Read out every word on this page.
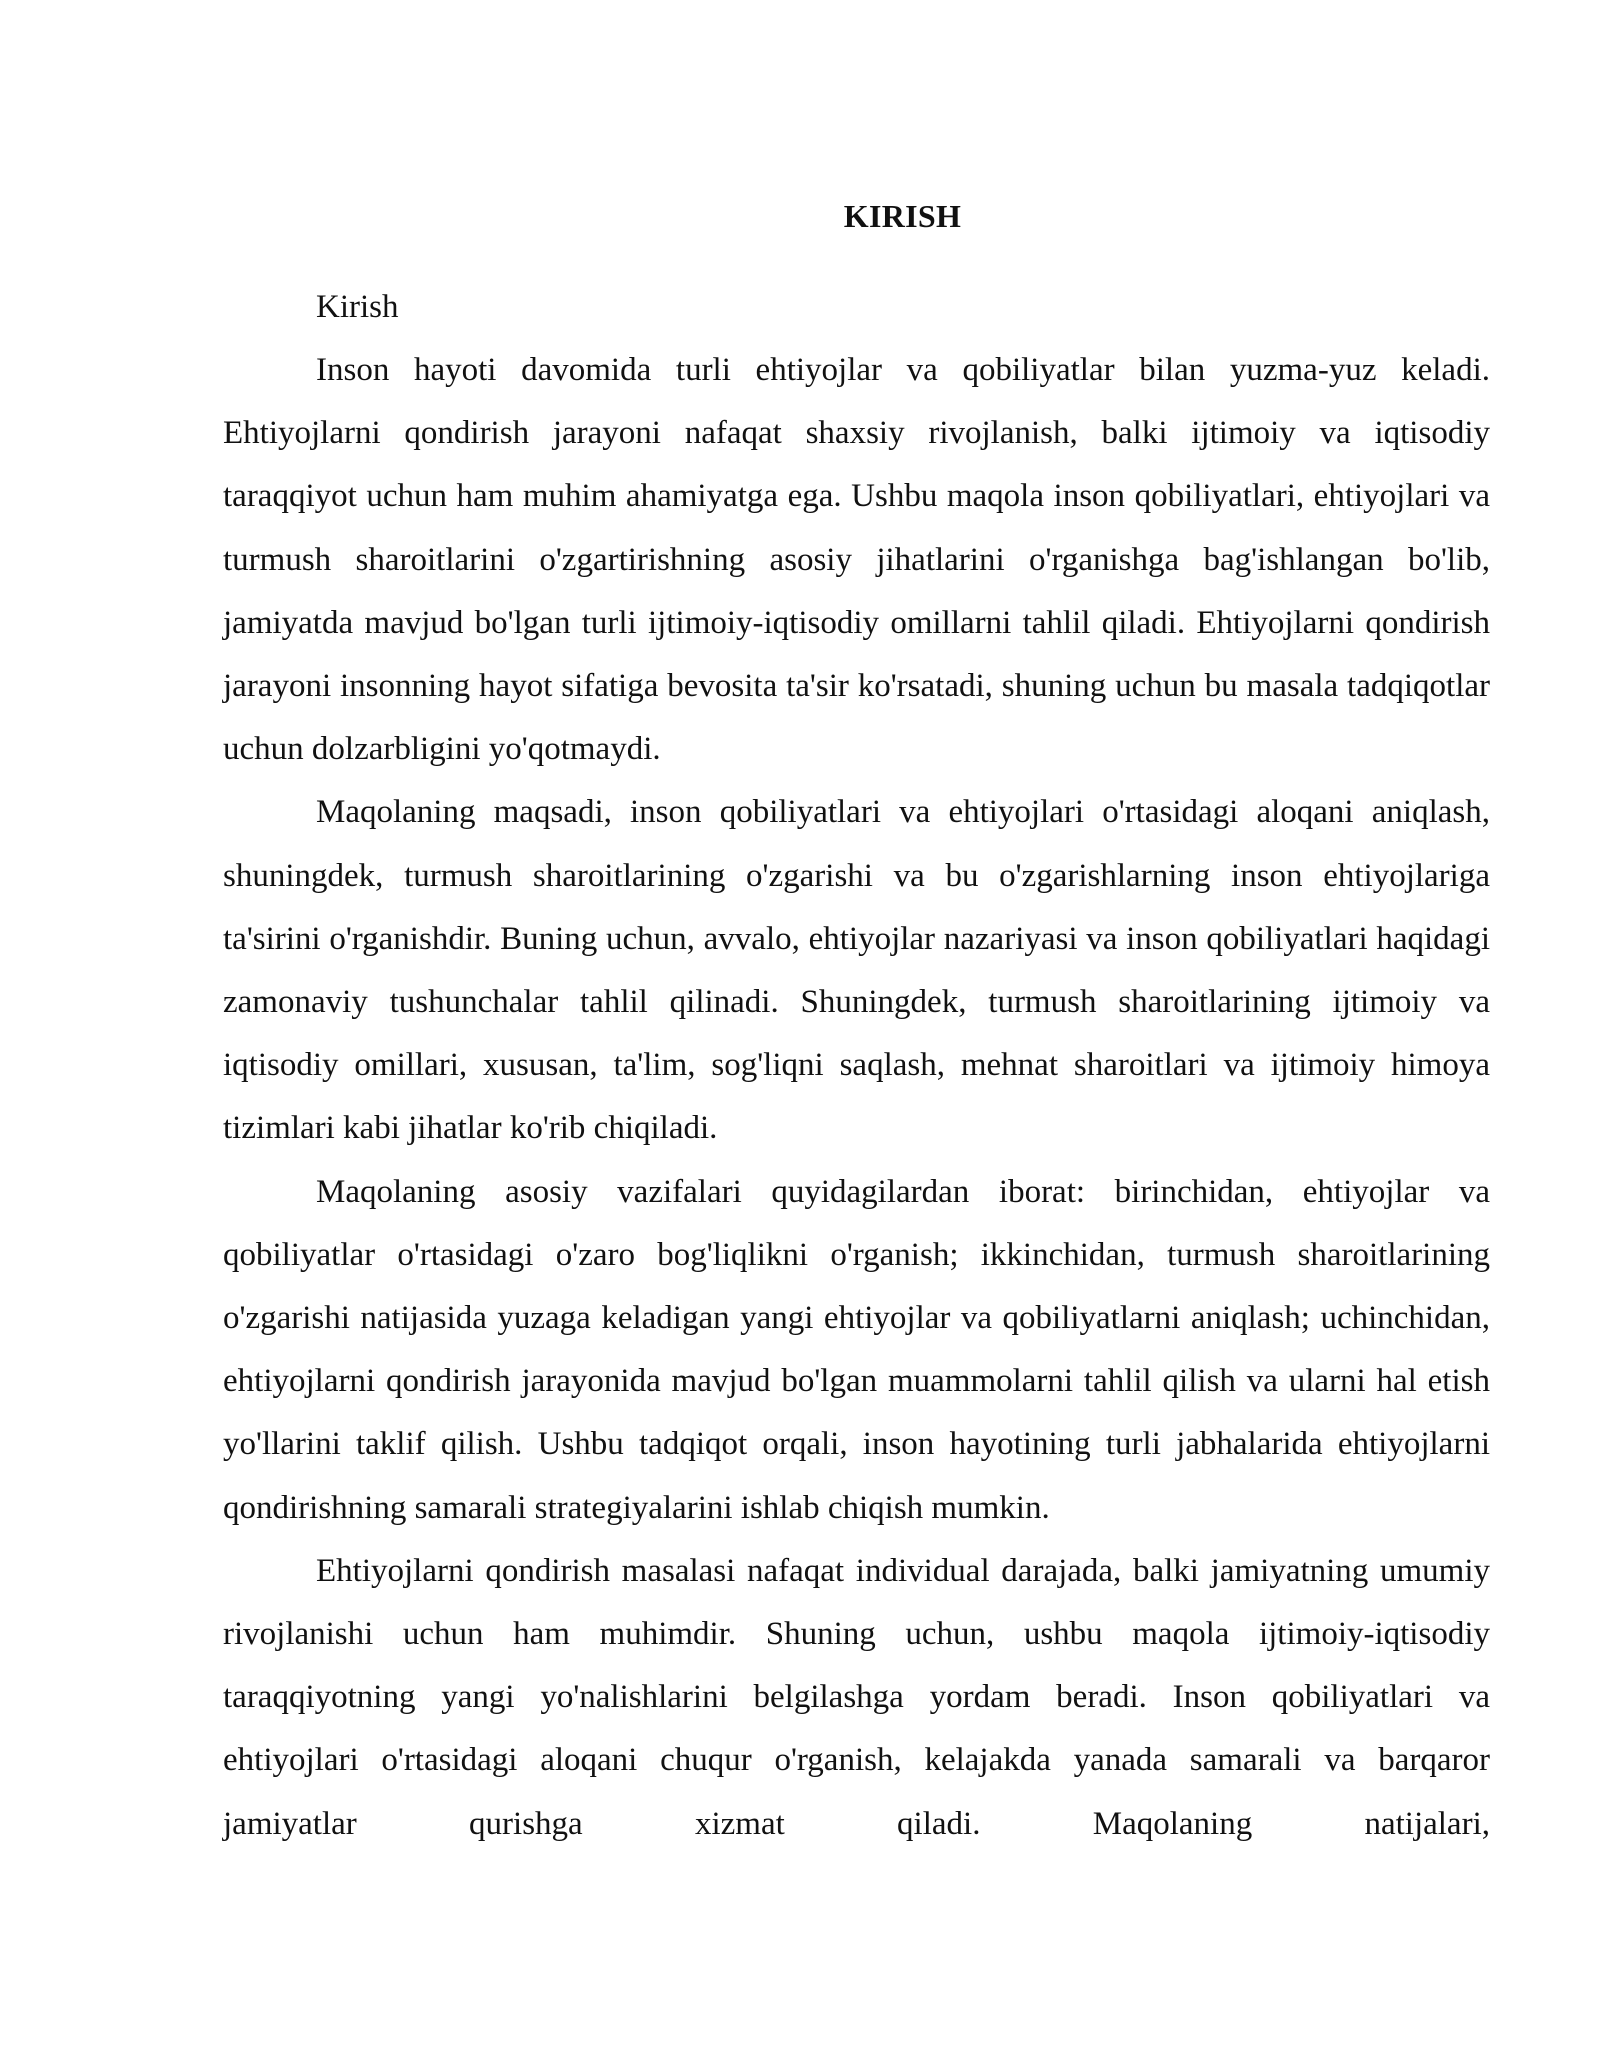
KIRISH

Kirish

Inson hayoti davomida turli ehtiyojlar va qobiliyatlar bilan yuzma-yuz keladi. Ehtiyojlarni qondirish jarayoni nafaqat shaxsiy rivojlanish, balki ijtimoiy va iqtisodiy taraqqiyot uchun ham muhim ahamiyatga ega. Ushbu maqola inson qobiliyatlari, ehtiyojlari va turmush sharoitlarini o'zgartirishning asosiy jihatlarini o'rganishga bag'ishlangan bo'lib, jamiyatda mavjud bo'lgan turli ijtimoiy-iqtisodiy omillarni tahlil qiladi. Ehtiyojlarni qondirish jarayoni insonning hayot sifatiga bevosita ta'sir ko'rsatadi, shuning uchun bu masala tadqiqotlar uchun dolzarbligini yo'qotmaydi.

Maqolaning maqsadi, inson qobiliyatlari va ehtiyojlari o'rtasidagi aloqani aniqlash, shuningdek, turmush sharoitlarining o'zgarishi va bu o'zgarishlarning inson ehtiyojlariga ta'sirini o'rganishdir. Buning uchun, avvalo, ehtiyojlar nazariyasi va inson qobiliyatlari haqidagi zamonaviy tushunchalar tahlil qilinadi. Shuningdek, turmush sharoitlarining ijtimoiy va iqtisodiy omillari, xususan, ta'lim, sog'liqni saqlash, mehnat sharoitlari va ijtimoiy himoya tizimlari kabi jihatlar ko'rib chiqiladi.

Maqolaning asosiy vazifalari quyidagilardan iborat: birinchidan, ehtiyojlar va qobiliyatlar o'rtasidagi o'zaro bog'liqlikni o'rganish; ikkinchidan, turmush sharoitlarining o'zgarishi natijasida yuzaga keladigan yangi ehtiyojlar va qobiliyatlarni aniqlash; uchinchidan, ehtiyojlarni qondirish jarayonida mavjud bo'lgan muammolarni tahlil qilish va ularni hal etish yo'llarini taklif qilish. Ushbu tadqiqot orqali, inson hayotining turli jabhalarida ehtiyojlarni qondirishning samarali strategiyalarini ishlab chiqish mumkin.

Ehtiyojlarni qondirish masalasi nafaqat individual darajada, balki jamiyatning umumiy rivojlanishi uchun ham muhimdir. Shuning uchun, ushbu maqola ijtimoiy-iqtisodiy taraqqiyotning yangi yo'nalishlarini belgilashga yordam beradi. Inson qobiliyatlari va ehtiyojlari o'rtasidagi aloqani chuqur o'rganish, kelajakda yanada samarali va barqaror jamiyatlar qurishga xizmat qiladi. Maqolaning natijalari,
